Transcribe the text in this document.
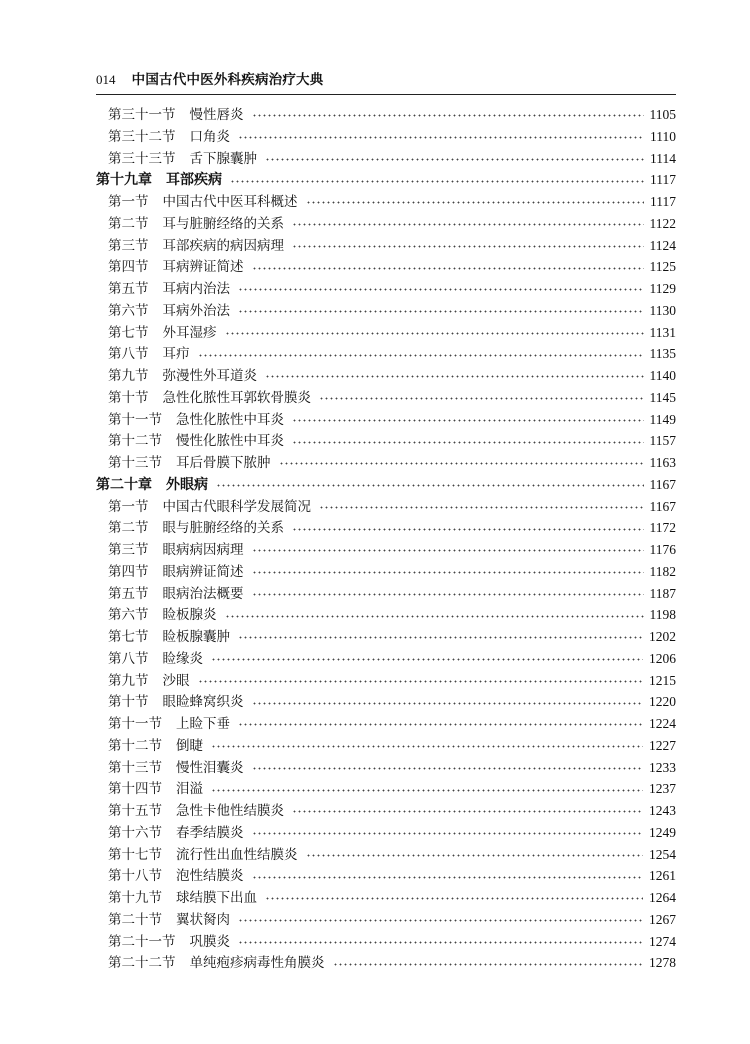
014 中国古代中医外科疾病治疗大典
第三十一节 慢性唇炎	1105
第三十二节 口角炎	1110
第三十三节 舌下腺囊肿	1114
第十九章 耳部疾病	1117
第一节 中国古代中医耳科概述	1117
第二节 耳与脏腑经络的关系	1122
第三节 耳部疾病的病因病理	1124
第四节 耳病辨证简述	1125
第五节 耳病内治法	1129
第六节 耳病外治法	1130
第七节 外耳湿疹	1131
第八节 耳疖	1135
第九节 弥漫性外耳道炎	1140
第十节 急性化脓性耳郭软骨膜炎	1145
第十一节 急性化脓性中耳炎	1149
第十二节 慢性化脓性中耳炎	1157
第十三节 耳后骨膜下脓肿	1163
第二十章 外眼病	1167
第一节 中国古代眼科学发展简况	1167
第二节 眼与脏腑经络的关系	1172
第三节 眼病病因病理	1176
第四节 眼病辨证简述	1182
第五节 眼病治法概要	1187
第六节 睑板腺炎	1198
第七节 睑板腺囊肿	1202
第八节 睑缘炎	1206
第九节 沙眼	1215
第十节 眼睑蜂窝织炎	1220
第十一节 上睑下垂	1224
第十二节 倒睫	1227
第十三节 慢性泪囊炎	1233
第十四节 泪溢	1237
第十五节 急性卡他性结膜炎	1243
第十六节 春季结膜炎	1249
第十七节 流行性出血性结膜炎	1254
第十八节 泡性结膜炎	1261
第十九节 球结膜下出血	1264
第二十节 翼状胬肉	1267
第二十一节 巩膜炎	1274
第二十二节 单纯疱疹病毒性角膜炎	1278
